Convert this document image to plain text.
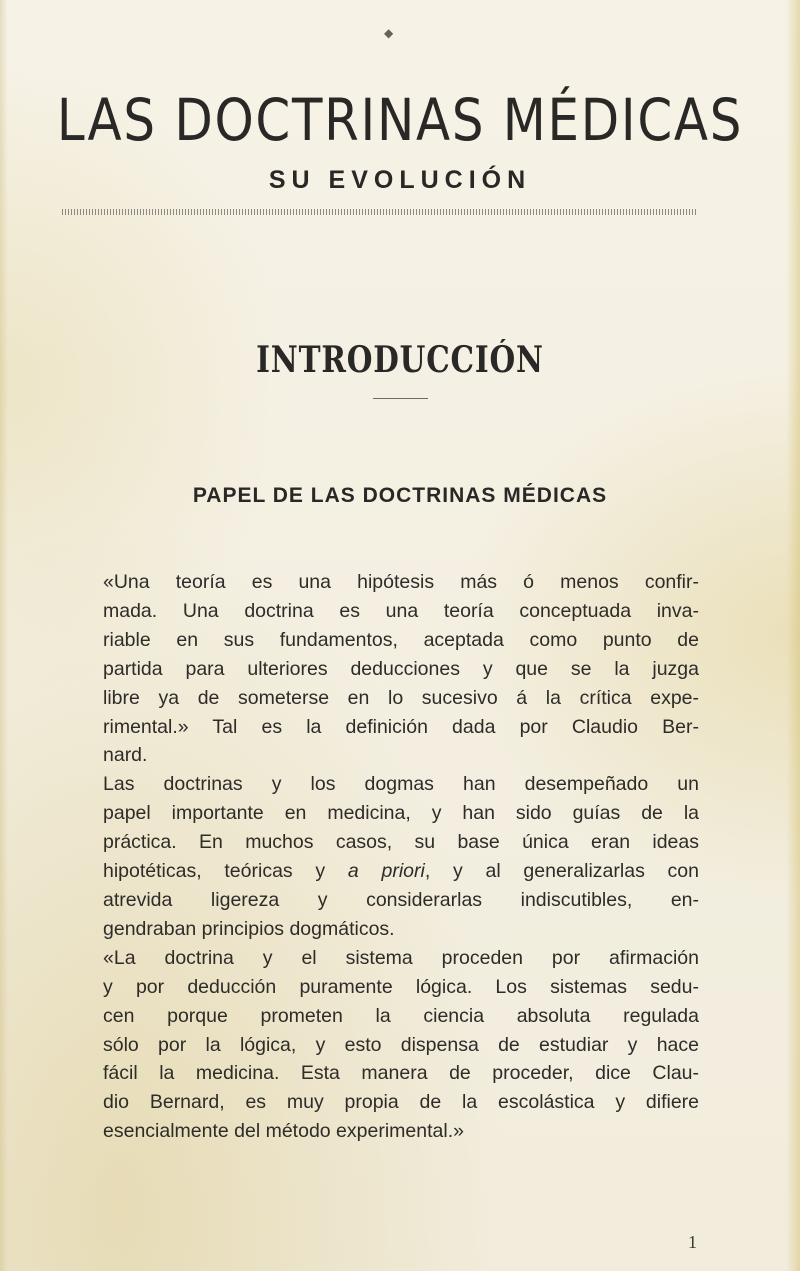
◆
LAS DOCTRINAS MÉDICAS
SU EVOLUCIÓN
INTRODUCCIÓN
PAPEL DE LAS DOCTRINAS MÉDICAS
«Una teoría es una hipótesis más ó menos confir-
mada. Una doctrina es una teoría conceptuada inva-
riable en sus fundamentos, aceptada como punto de
partida para ulteriores deducciones y que se la juzga
libre ya de someterse en lo sucesivo á la crítica expe-
rimental.» Tal es la definición dada por Claudio Ber-
nard.
Las doctrinas y los dogmas han desempeñado un
papel importante en medicina, y han sido guías de la
práctica. En muchos casos, su base única eran ideas
hipotéticas, teóricas y a priori, y al generalizarlas con
atrevida ligereza y considerarlas indiscutibles, en-
gendraban principios dogmáticos.
«La doctrina y el sistema proceden por afirmación
y por deducción puramente lógica. Los sistemas sedu-
cen porque prometen la ciencia absoluta regulada
sólo por la lógica, y esto dispensa de estudiar y hace
fácil la medicina. Esta manera de proceder, dice Clau-
dio Bernard, es muy propia de la escolástica y difiere
esencialmente del método experimental.»
1
